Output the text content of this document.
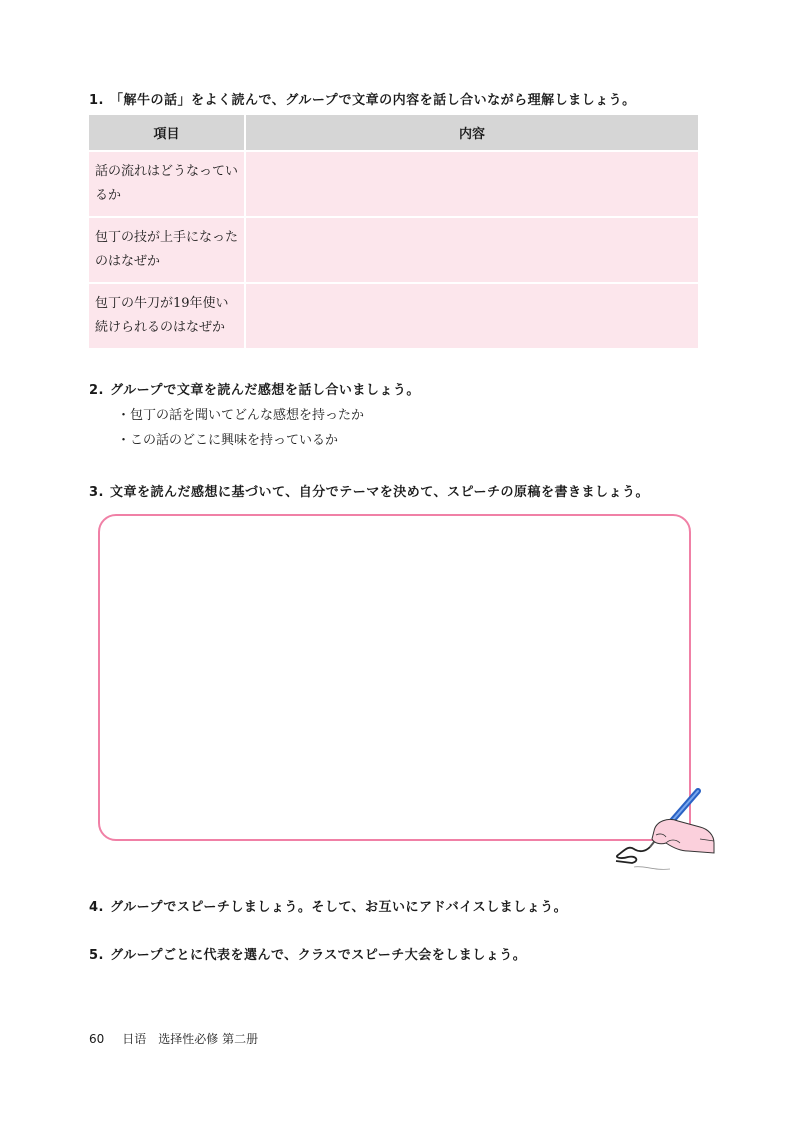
1. 「解牛の話」をよく読んで、グループで文章の内容を話し合いながら理解しましょう。
項目	内容

話の流れはどうなっているか	

包丁の技が上手になったのはなぜか	

包丁の牛刀が19年使い続けられるのはなぜか	

2. グループで文章を読んだ感想を話し合いましょう。
・包丁の話を聞いてどんな感想を持ったか
・この話のどこに興味を持っているか
3. 文章を読んだ感想に基づいて、自分でテーマを決めて、スピーチの原稿を書きましょう。
4. グループでスピーチしましょう。そして、お互いにアドバイスしましょう。
5. グループごとに代表を選んで、クラスでスピーチ大会をしましょう。
60 日语　选择性必修 第二册
